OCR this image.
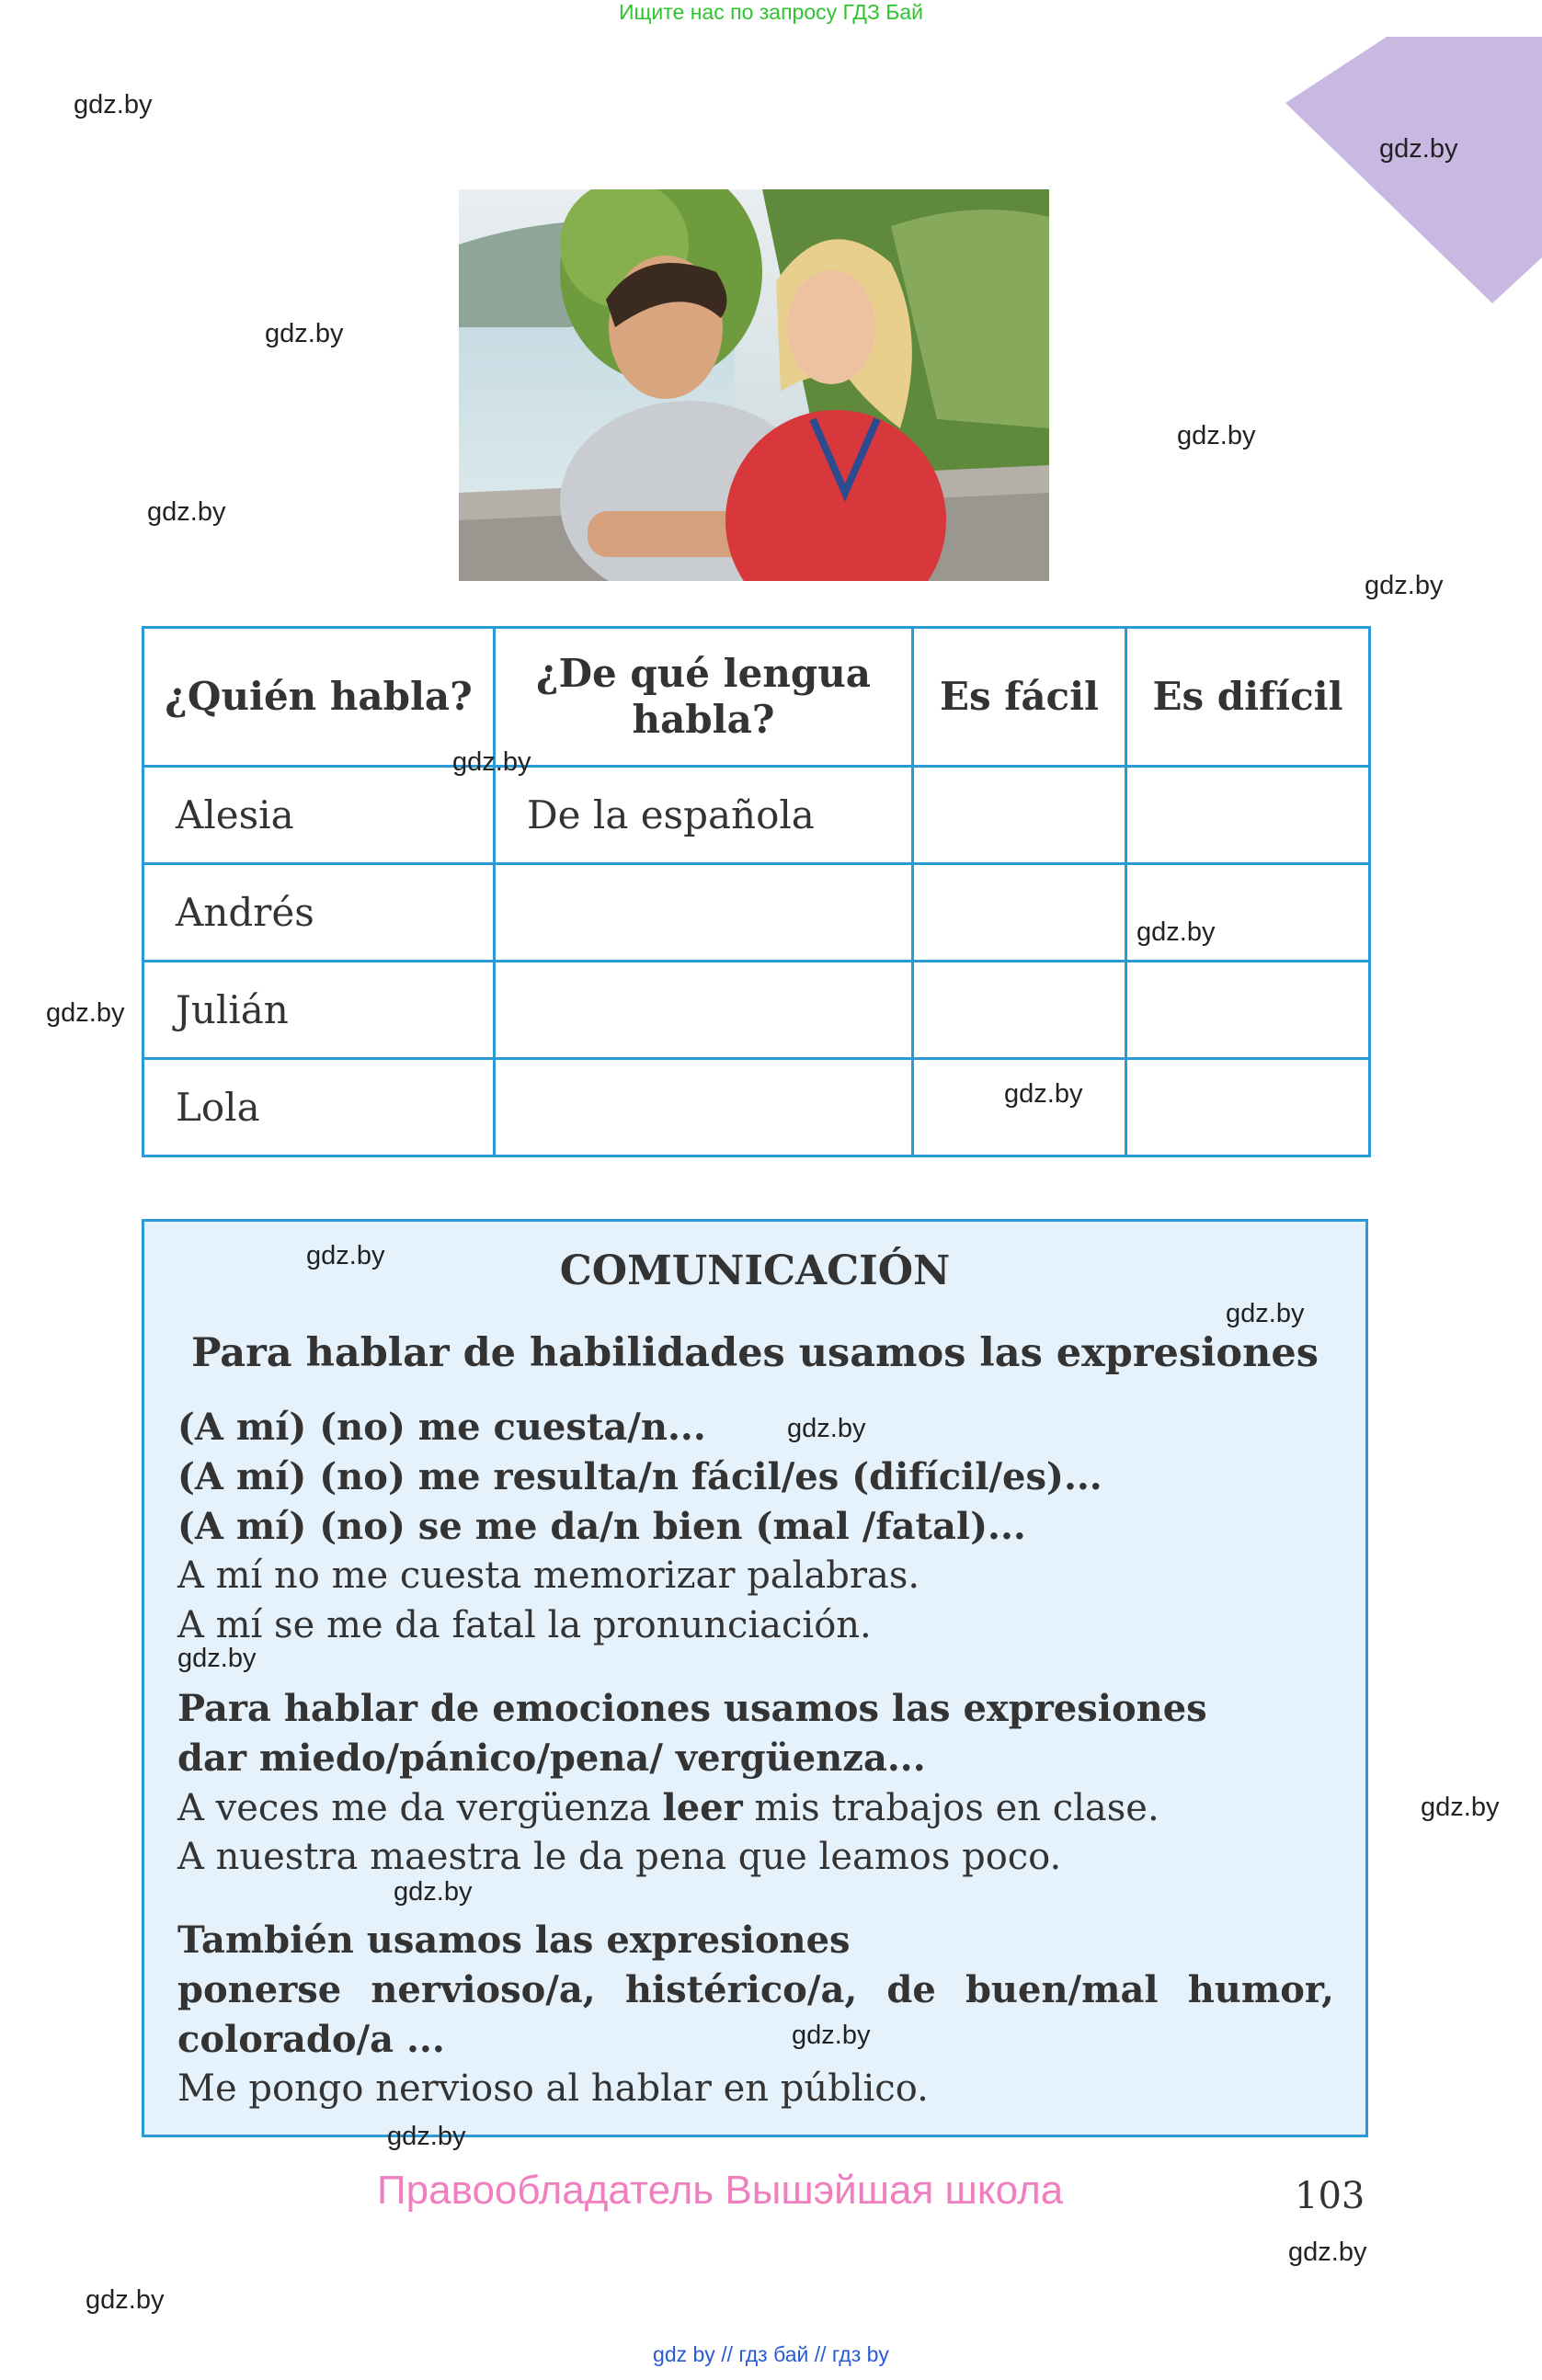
Ищите нас по запросу ГДЗ Бай
¿Quién habla?	¿De qué lengua habla?	Es fácil	Es difícil
Alesia	De la española		
Andrés			
Julián			
Lola			
COMUNICACIÓN
Para hablar de habilidades usamos las expresiones
(A mí) (no) me cuesta/n...
(A mí) (no) me resulta/n fácil/es (difícil/es)...
(A mí) (no) se me da/n bien (mal /fatal)...
A mí no me cuesta memorizar palabras.
A mí se me da fatal la pronunciación.
Para hablar de emociones usamos las expresiones
dar miedo/pánico/pena/ vergüenza...
A veces me da vergüenza leer mis trabajos en clase.
A nuestra maestra le da pena que leamos poco.
También usamos las expresiones
ponerse nervioso/a, histérico/a, de buen/mal humor,
colorado/a ...
Me pongo nervioso al hablar en público.
Правообладатель Вышэйшая школа	103
gdz by // гдз бай // гдз by
gdz.by
gdz.by
gdz.by
gdz.by
gdz.by
gdz.by
gdz.by
gdz.by
gdz.by
gdz.by
gdz.by
gdz.by
gdz.by
gdz.by
gdz.by
gdz.by
gdz.by
gdz.by
gdz.by
gdz.by
